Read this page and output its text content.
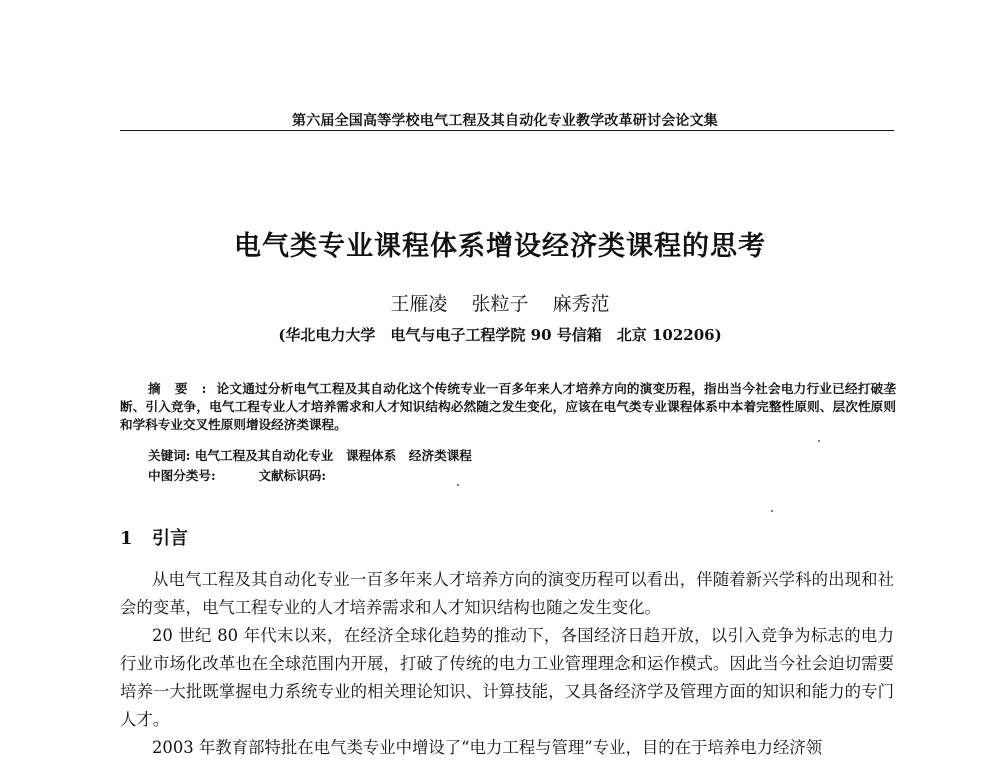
第六届全国高等学校电气工程及其自动化专业教学改革研讨会论文集
电气类专业课程体系增设经济类课程的思考
王雁凌 张粒子 麻秀范
(华北电力大学　电气与电子工程学院 90 号信箱　北京 102206)
摘要:论文通过分析电气工程及其自动化这个传统专业一百多年来人才培养方向的演变历程，指出当今社会电力行业已经打破垄断、引入竞争，电气工程专业人才培养需求和人才知识结构必然随之发生变化，应该在电气类专业课程体系中本着完整性原则、层次性原则和学科专业交叉性原则增设经济类课程。
关键词: 电气工程及其自动化专业　课程体系　经济类课程
中图分类号:	文献标识码:
1 引言

从电气工程及其自动化专业一百多年来人才培养方向的演变历程可以看出，伴随着新兴学科的出现和社会的变革，电气工程专业的人才培养需求和人才知识结构也随之发生变化。

20 世纪 80 年代末以来，在经济全球化趋势的推动下，各国经济日趋开放，以引入竞争为标志的电力行业市场化改革也在全球范围内开展，打破了传统的电力工业管理理念和运作模式。因此当今社会迫切需要培养一大批既掌握电力系统专业的相关理论知识、计算技能，又具备经济学及管理方面的知识和能力的专门人才。

2003 年教育部特批在电气类专业中增设了“电力工程与管理”专业，目的在于培养电力经济领
